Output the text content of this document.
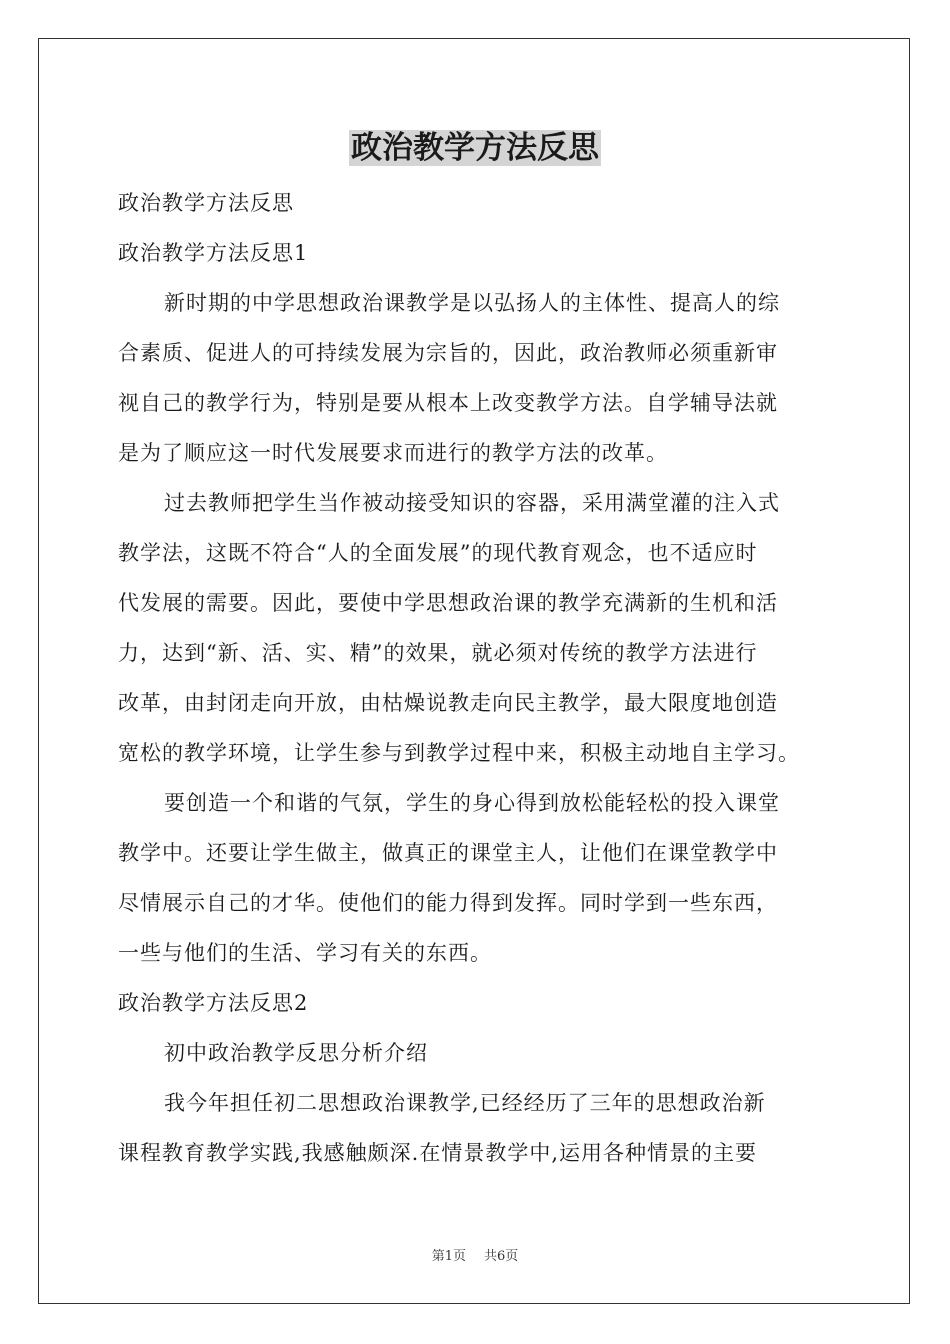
政治教学方法反思

政治教学方法反思

政治教学方法反思1

新时期的中学思想政治课教学是以弘扬人的主体性、提高人的综

合素质、促进人的可持续发展为宗旨的，因此，政治教师必须重新审

视自己的教学行为，特别是要从根本上改变教学方法。自学辅导法就

是为了顺应这一时代发展要求而进行的教学方法的改革。

过去教师把学生当作被动接受知识的容器，采用满堂灌的注入式

教学法，这既不符合“人的全面发展”的现代教育观念，也不适应时

代发展的需要。因此，要使中学思想政治课的教学充满新的生机和活

力，达到“新、活、实、精”的效果，就必须对传统的教学方法进行

改革，由封闭走向开放，由枯燥说教走向民主教学，最大限度地创造

宽松的教学环境，让学生参与到教学过程中来，积极主动地自主学习。

要创造一个和谐的气氛，学生的身心得到放松能轻松的投入课堂

教学中。还要让学生做主，做真正的课堂主人，让他们在课堂教学中

尽情展示自己的才华。使他们的能力得到发挥。同时学到一些东西，

一些与他们的生活、学习有关的东西。

政治教学方法反思2

初中政治教学反思分析介绍

我今年担任初二思想政治课教学,已经经历了三年的思想政治新

课程教育教学实践,我感触颇深.在情景教学中,运用各种情景的主要

第1页 共6页
